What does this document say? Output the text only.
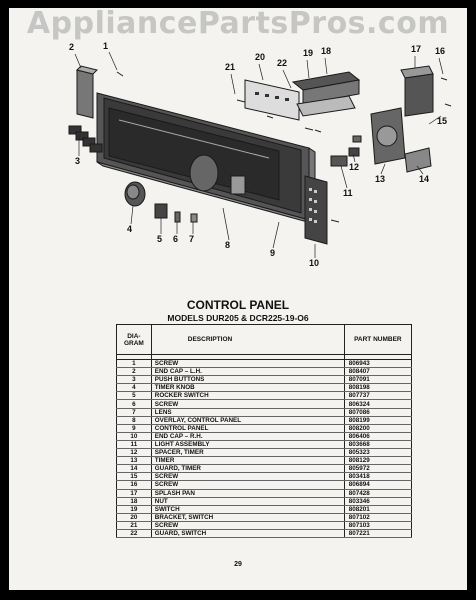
AppliancePartsPros.com
1
2
3
4
5 6 7
8
9
10
11
12
13	14
15
16
17
18
19
20
21	22
CONTROL PANEL
MODELS DUR205 & DCR225-19-O6
DIA-
GRAM	DESCRIPTION	PART NUMBER

1	SCREW	806943
2	END CAP – L.H.	808407
3	PUSH BUTTONS	807091
4	TIMER KNOB	808198
5	ROCKER SWITCH	807737
6	SCREW	806324
7	LENS	807086
8	OVERLAY, CONTROL PANEL	808199
9	CONTROL PANEL	808200
10	END CAP – R.H.	806406
11	LIGHT ASSEMBLY	803668
12	SPACER, TIMER	805323
13	TIMER	808129
14	GUARD, TIMER	805972
15	SCREW	803418
16	SCREW	806894
17	SPLASH PAN	807428
18	NUT	803346
19	SWITCH	808201
20	BRACKET, SWITCH	807102
21	SCREW	807103
22	GUARD, SWITCH	807221
29
